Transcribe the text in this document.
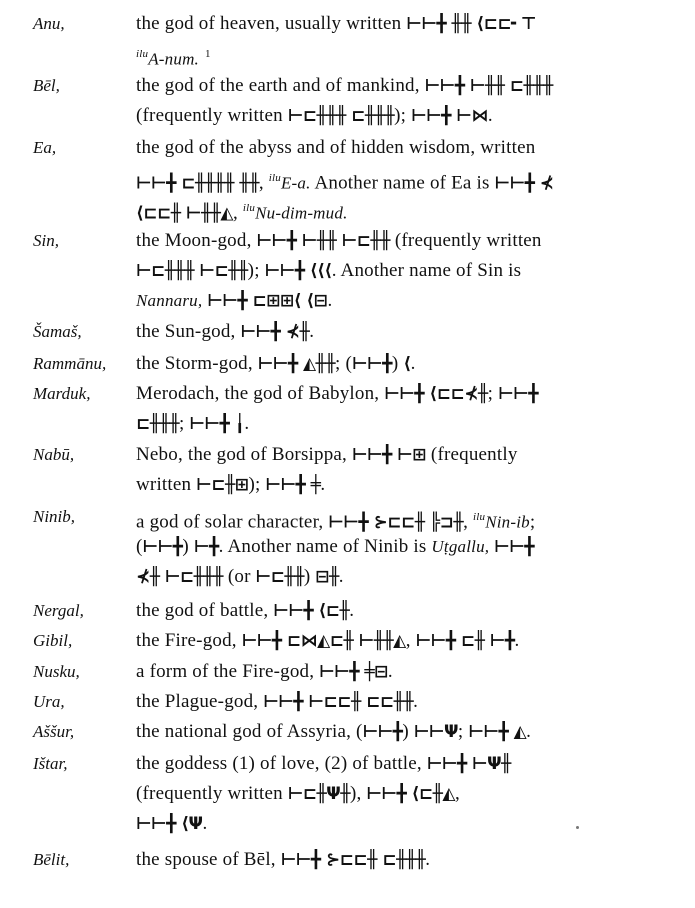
Anu,	the god of heaven, usually written ⊢⊢╋ ╫╫ ⟨⊏⊏╸⊤
$^{ilu}$A-num. $^1$
Bēl,	the god of the earth and of mankind, ⊢⊢╋ ⊢╫╫ ⊏╫╫╫
(frequently written ⊢⊏╫╫╫ ⊏╫╫╫); ⊢⊢╋ ⊢⋈.
Ea,	the god of the abyss and of hidden wisdom, written
⊢⊢╋ ⊏╫╫╫╫ ╫╫, $^{ilu}$E-a. Another name of Ea is ⊢⊢╋ ⊀
⟨⊏⊏╫ ⊢╫╫◭, $^{ilu}$Nu-dim-mud.
Sin,	the Moon-god, ⊢⊢╋ ⊢╫╫ ⊢⊏╫╫ (frequently written
⊢⊏╫╫╫ ⊢⊏╫╫); ⊢⊢╋ ⟨⟨⟨. Another name of Sin is
Nannaru, ⊢⊢╋ ⊏⊞⊞⟨ ⟨⊟.
Šamaš,	the Sun-god, ⊢⊢╋ ⊀╫.
Rammānu, the Storm-god, ⊢⊢╋ ◭╫╫; (⊢⊢╋) ⟨.
Marduk, Merodach, the god of Babylon, ⊢⊢╋ ⟨⊏⊏⊀╫; ⊢⊢╋
⊏╫╫╫; ⊢⊢╋ ╽.
Nabū,	Nebo, the god of Borsippa, ⊢⊢╋ ⊢⊞ (frequently
written ⊢⊏╫⊞); ⊢⊢╋ ╪.
Ninib,	a god of solar character, ⊢⊢╋ ⊱⊏⊏╫ ╠⊐╫, $^{ilu}$Nin-ib;
(⊢⊢╋) ⊢╋. Another name of Ninib is Uṭgallu, ⊢⊢╋
⊀╫ ⊢⊏╫╫╫ (or ⊢⊏╫╫) ⊟╫.
Nergal,	the god of battle, ⊢⊢╋ ⟨⊏╫.
Gibil,	the Fire-god, ⊢⊢╋ ⊏⋈◭⊏╫ ⊢╫╫◭, ⊢⊢╋ ⊏╫ ⊢╋.
Nusku,	a form of the Fire-god, ⊢⊢╋ ╪⊟.
Ura,	the Plague-god, ⊢⊢╋ ⊢⊏⊏╫ ⊏⊏╫╫.
Aššur,	the national god of Assyria, (⊢⊢╋) ⊢⊢Ψ; ⊢⊢╋ ◭.
Ištar,	the goddess (1) of love, (2) of battle, ⊢⊢╋ ⊢Ψ╫
(frequently written ⊢⊏╫Ψ╫), ⊢⊢╋ ⟨⊏╫◭,
⊢⊢╋ ⟨Ψ.
Bēlit,	the spouse of Bēl, ⊢⊢╋ ⊱⊏⊏╫ ⊏╫╫╫.
